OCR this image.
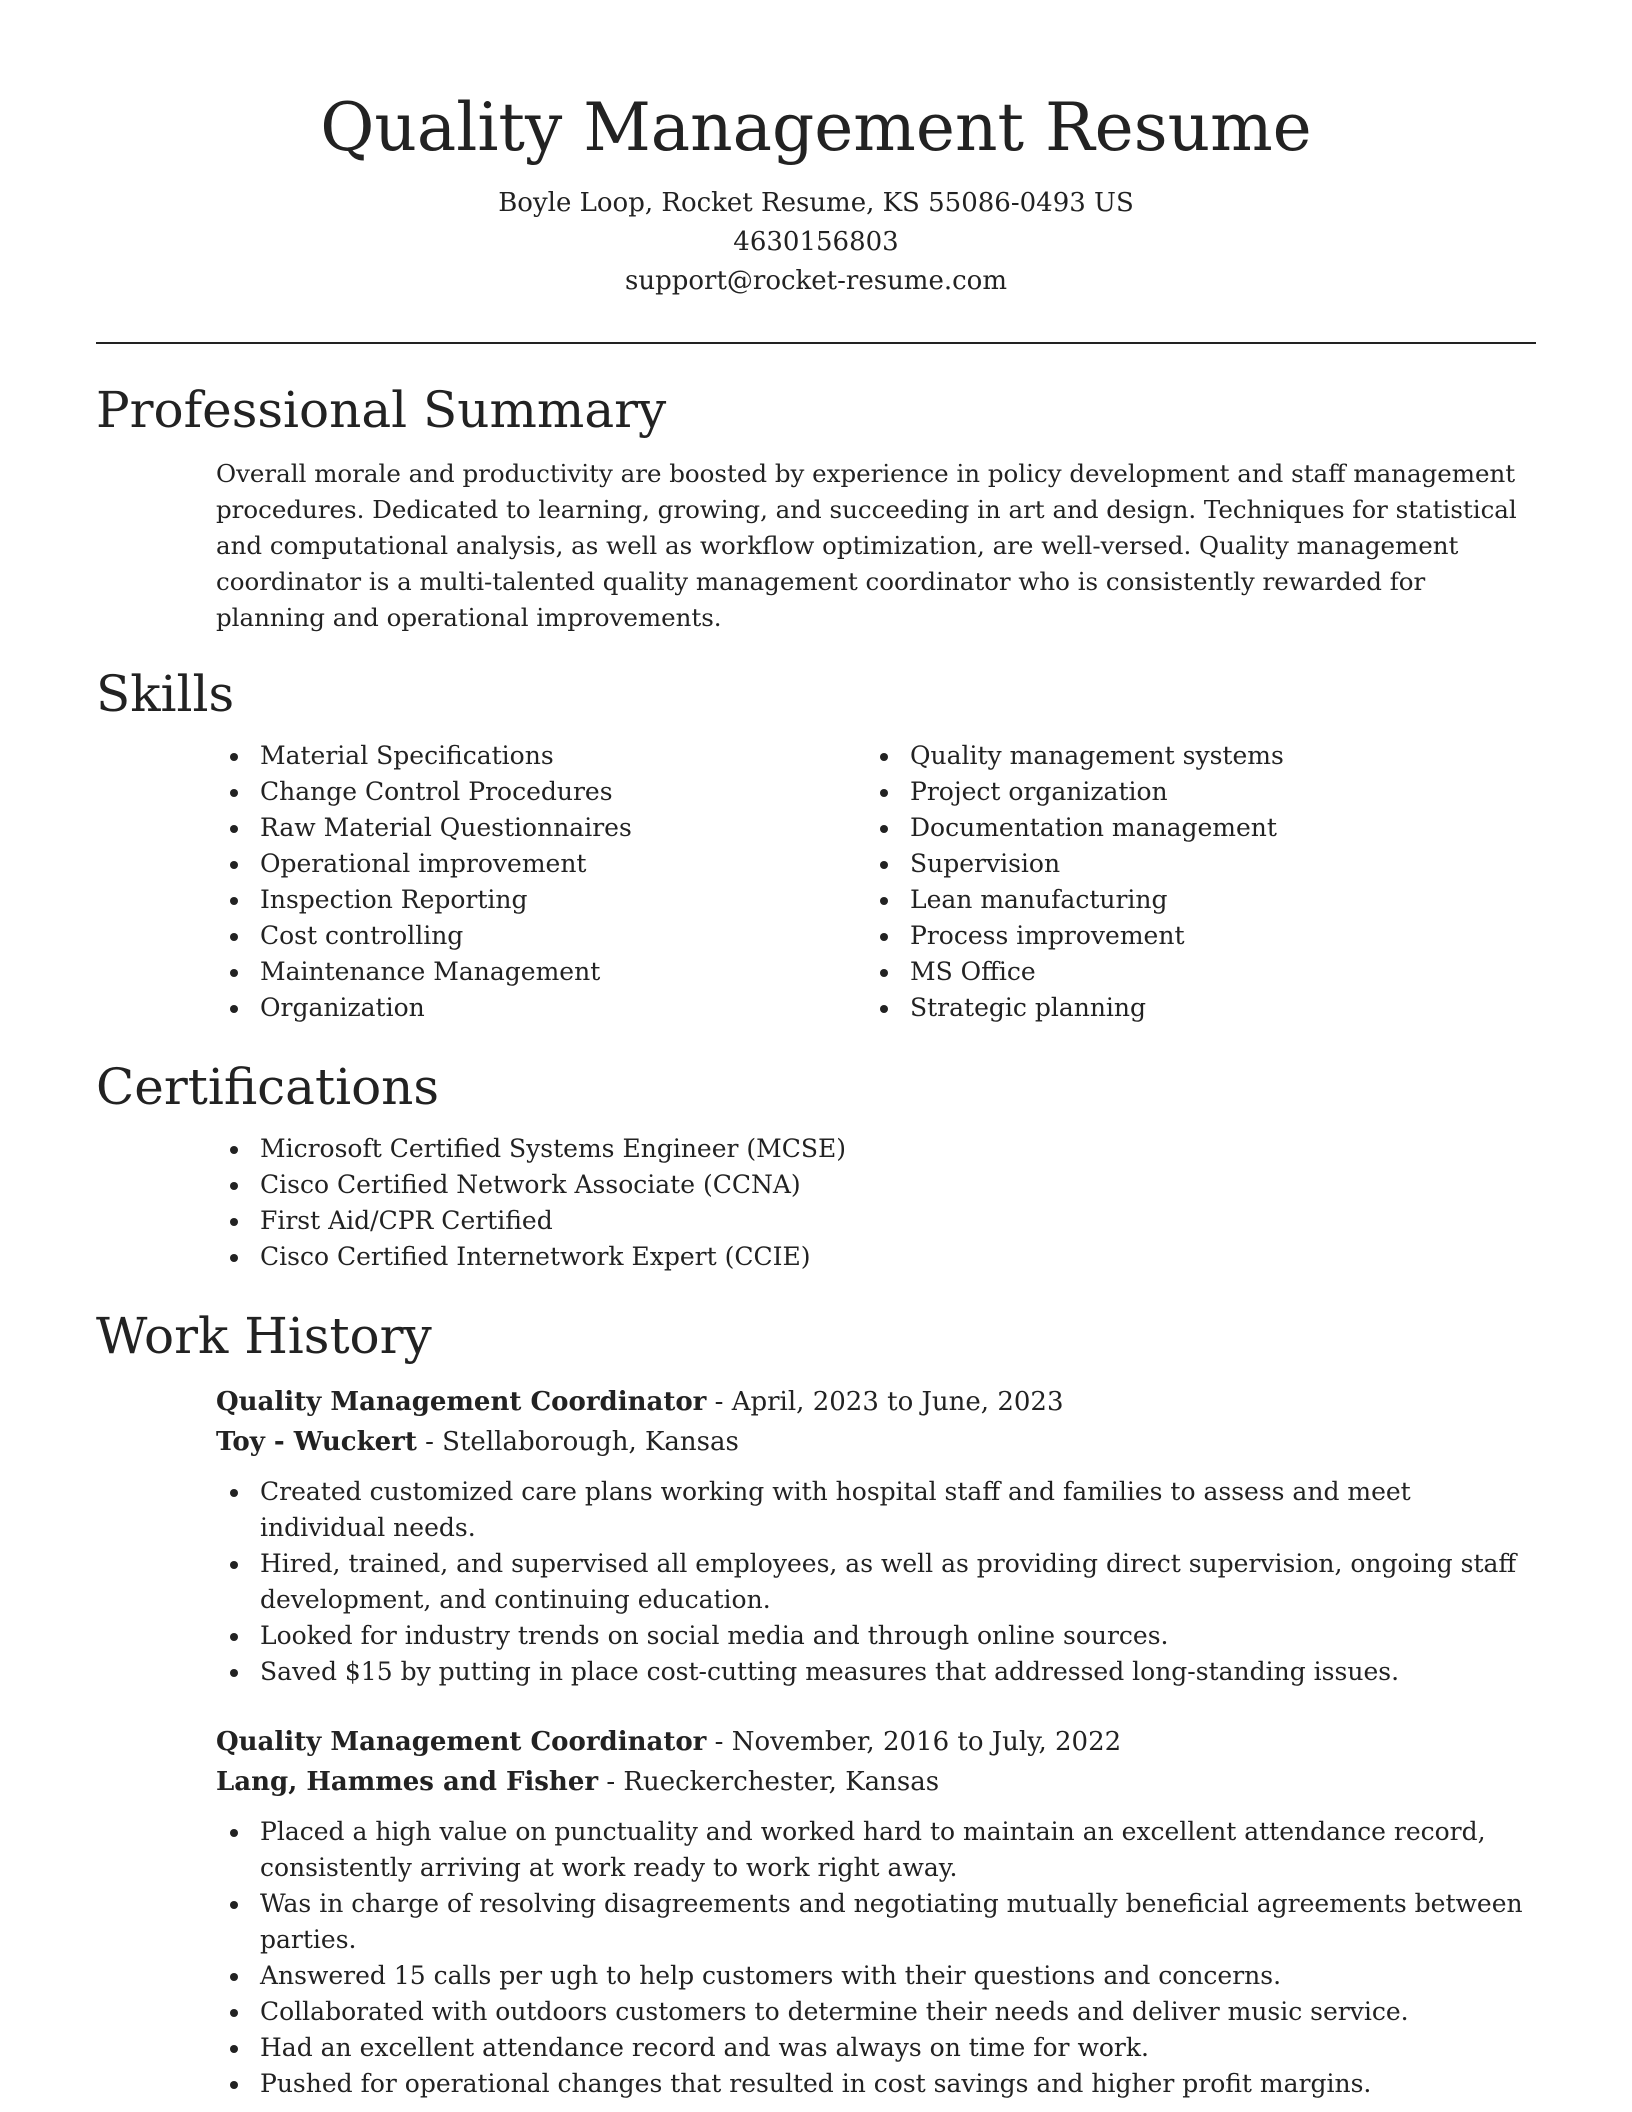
Quality Management Resume

Boyle Loop, Rocket Resume, KS 55086-0493 US

4630156803

support@rocket-resume.com

Professional Summary

Overall morale and productivity are boosted by experience in policy development and staff management procedures. Dedicated to learning, growing, and succeeding in art and design. Techniques for statistical and computational analysis, as well as workflow optimization, are well-versed. Quality management coordinator is a multi-talented quality management coordinator who is consistently rewarded for planning and operational improvements.

Skills
Material Specifications
Change Control Procedures
Raw Material Questionnaires
Operational improvement
Inspection Reporting
Cost controlling
Maintenance Management
Organization
Quality management systems
Project organization
Documentation management
Supervision
Lean manufacturing
Process improvement
MS Office
Strategic planning
Certifications
Microsoft Certified Systems Engineer (MCSE)
Cisco Certified Network Associate (CCNA)
First Aid/CPR Certified
Cisco Certified Internetwork Expert (CCIE)
Work History

Quality Management Coordinator - April, 2023 to June, 2023

Toy - Wuckert - Stellaborough, Kansas

Created customized care plans working with hospital staff and families to assess and meet individual needs.
Hired, trained, and supervised all employees, as well as providing direct supervision, ongoing staff development, and continuing education.
Looked for industry trends on social media and through online sources.
Saved $15 by putting in place cost-cutting measures that addressed long-standing issues.

Quality Management Coordinator - November, 2016 to July, 2022

Lang, Hammes and Fisher - Rueckerchester, Kansas

Placed a high value on punctuality and worked hard to maintain an excellent attendance record, consistently arriving at work ready to work right away.
Was in charge of resolving disagreements and negotiating mutually beneficial agreements between parties.
Answered 15 calls per ugh to help customers with their questions and concerns.
Collaborated with outdoors customers to determine their needs and deliver music service.
Had an excellent attendance record and was always on time for work.
Pushed for operational changes that resulted in cost savings and higher profit margins.
